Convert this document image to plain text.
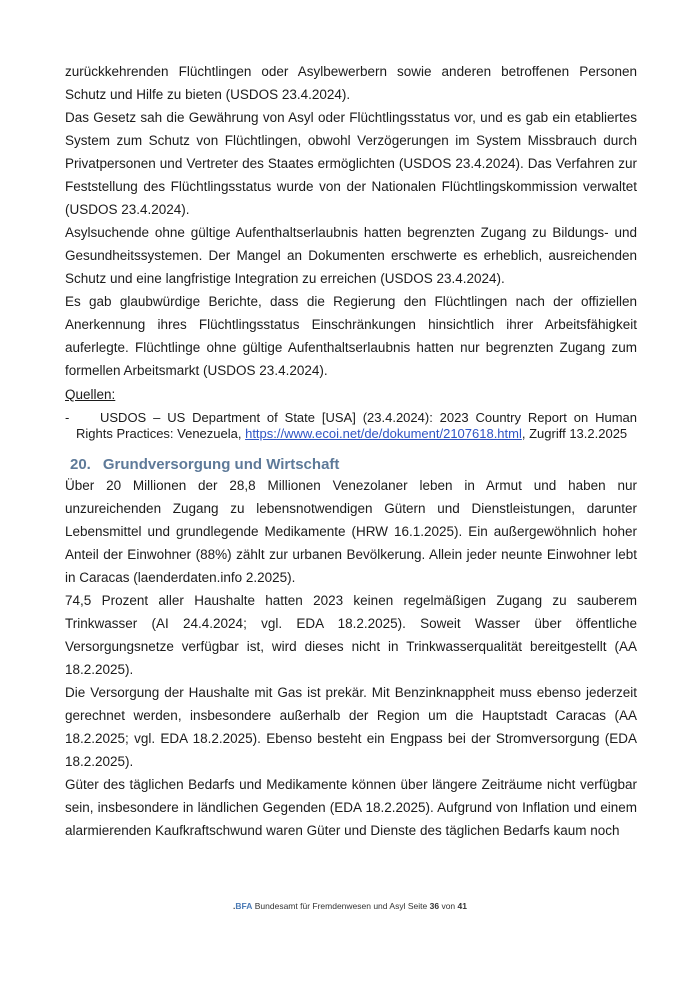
zurückkehrenden Flüchtlingen oder Asylbewerbern sowie anderen betroffenen Personen Schutz und Hilfe zu bieten (USDOS 23.4.2024).

Das Gesetz sah die Gewährung von Asyl oder Flüchtlingsstatus vor, und es gab ein etabliertes System zum Schutz von Flüchtlingen, obwohl Verzögerungen im System Missbrauch durch Privatpersonen und Vertreter des Staates ermöglichten (USDOS 23.4.2024). Das Verfahren zur Feststellung des Flüchtlingsstatus wurde von der Nationalen Flüchtlingskommission verwaltet (USDOS 23.4.2024).

Asylsuchende ohne gültige Aufenthaltserlaubnis hatten begrenzten Zugang zu Bildungs- und Gesundheitssystemen. Der Mangel an Dokumenten erschwerte es erheblich, ausreichenden Schutz und eine langfristige Integration zu erreichen (USDOS 23.4.2024).

Es gab glaubwürdige Berichte, dass die Regierung den Flüchtlingen nach der offiziellen Anerkennung ihres Flüchtlingsstatus Einschränkungen hinsichtlich ihrer Arbeitsfähigkeit auferlegte. Flüchtlinge ohne gültige Aufenthaltserlaubnis hatten nur begrenzten Zugang zum formellen Arbeitsmarkt (USDOS 23.4.2024).

Quellen:

- USDOS – US Department of State [USA] (23.4.2024): 2023 Country Report on Human Rights Practices: Venezuela, https://www.ecoi.net/de/dokument/2107618.html, Zugriff 13.2.2025
20. Grundversorgung und Wirtschaft

Über 20 Millionen der 28,8 Millionen Venezolaner leben in Armut und haben nur unzureichenden Zugang zu lebensnotwendigen Gütern und Dienstleistungen, darunter Lebensmittel und grundlegende Medikamente (HRW 16.1.2025). Ein außergewöhnlich hoher Anteil der Einwohner (88%) zählt zur urbanen Bevölkerung. Allein jeder neunte Einwohner lebt in Caracas (laenderdaten.info 2.2025).

74,5 Prozent aller Haushalte hatten 2023 keinen regelmäßigen Zugang zu sauberem Trinkwasser (AI 24.4.2024; vgl. EDA 18.2.2025). Soweit Wasser über öffentliche Versorgungsnetze verfügbar ist, wird dieses nicht in Trinkwasserqualität bereitgestellt (AA 18.2.2025).

Die Versorgung der Haushalte mit Gas ist prekär. Mit Benzinknappheit muss ebenso jederzeit gerechnet werden, insbesondere außerhalb der Region um die Hauptstadt Caracas (AA 18.2.2025; vgl. EDA 18.2.2025). Ebenso besteht ein Engpass bei der Stromversorgung (EDA 18.2.2025).

Güter des täglichen Bedarfs und Medikamente können über längere Zeiträume nicht verfügbar sein, insbesondere in ländlichen Gegenden (EDA 18.2.2025). Aufgrund von Inflation und einem alarmierenden Kaufkraftschwund waren Güter und Dienste des täglichen Bedarfs kaum noch

.BFA Bundesamt für Fremdenwesen und Asyl Seite 36 von 41
